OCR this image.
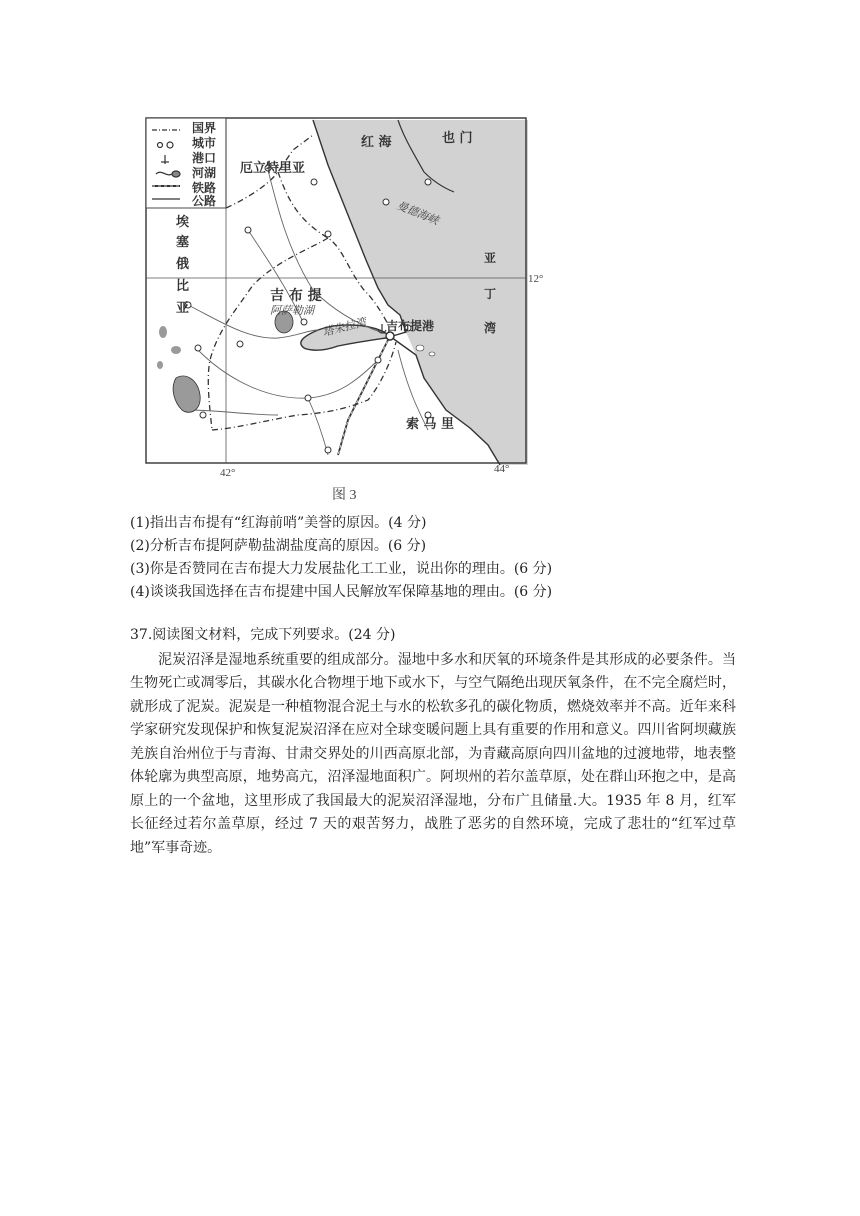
国界
城市
港口
河湖
铁路
公路
埃
塞
俄
比
亚
红 海	也 门
厄立特里亚
曼德海峡
亚
丁
湾
吉 布 提
阿萨勒湖
塔朱拉湾 吉布提港
索 马 里
12°
42°	44°
图 3
(1)指出吉布提有“红海前哨”美誉的原因。(4 分)
(2)分析吉布提阿萨勒盐湖盐度高的原因。(6 分)
(3)你是否赞同在吉布提大力发展盐化工工业，说出你的理由。(6 分)
(4)谈谈我国选择在吉布提建中国人民解放军保障基地的理由。(6 分)
37.阅读图文材料，完成下列要求。(24 分)
泥炭沼泽是湿地系统重要的组成部分。湿地中多水和厌氧的环境条件是其形成的必要条件。当生物死亡或凋零后，其碳水化合物埋于地下或水下，与空气隔绝出现厌氧条件，在不完全腐烂时，就形成了泥炭。泥炭是一种植物混合泥土与水的松软多孔的碳化物质，燃烧效率并不高。近年来科学家研究发现保护和恢复泥炭沼泽在应对全球变暖问题上具有重要的作用和意义。四川省阿坝藏族羌族自治州位于与青海、甘肃交界处的川西高原北部，为青藏高原向四川盆地的过渡地带，地表整体轮廓为典型高原，地势高亢，沼泽湿地面积广。阿坝州的若尔盖草原，处在群山环抱之中，是高原上的一个盆地，这里形成了我国最大的泥炭沼泽湿地，分布广且储量.大。1935 年 8 月，红军长征经过若尔盖草原，经过 7 天的艰苦努力，战胜了恶劣的自然环境，完成了悲壮的“红军过草地”军事奇迹。
